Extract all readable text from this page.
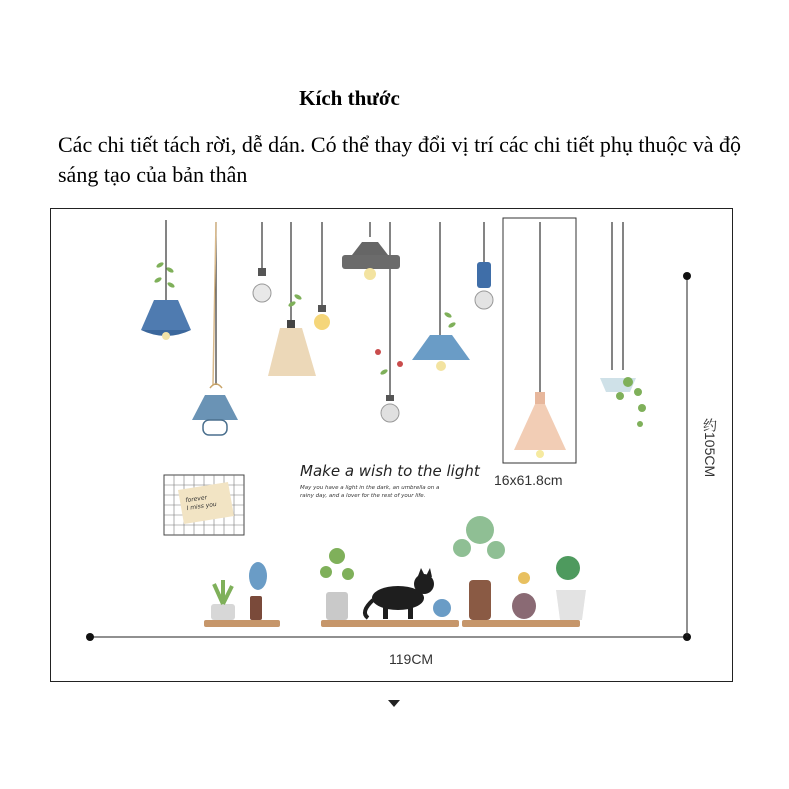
Kích thước
Các chi tiết tách rời, dễ dán. Có thể thay đổi vị trí các chi tiết phụ thuộc và độ sáng tạo của bản thân
16x61.8cm
119CM
约105CM
Make a wish to the light
May you have a light in the dark, an umbrella on a rainy day, and a lover for the rest of your life.
forever
I miss you
